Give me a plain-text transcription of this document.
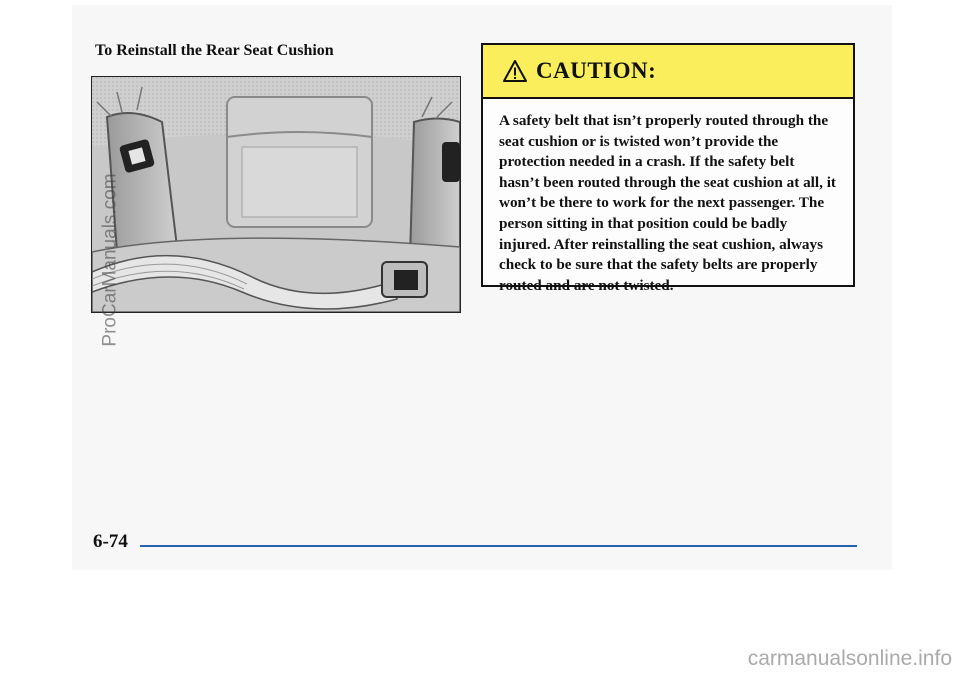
To Reinstall the Rear Seat Cushion
CAUTION:
A safety belt that isn’t properly routed through the seat cushion or is twisted won’t provide the protection needed in a crash. If the safety belt hasn’t been routed through the seat cushion at all, it won’t be there to work for the next passenger. The person sitting in that position could be badly injured. After reinstalling the seat cushion, always check to be sure that the safety belts are properly routed and are not twisted.
6-74
ProCarManuals.com
carmanualsonline.info
